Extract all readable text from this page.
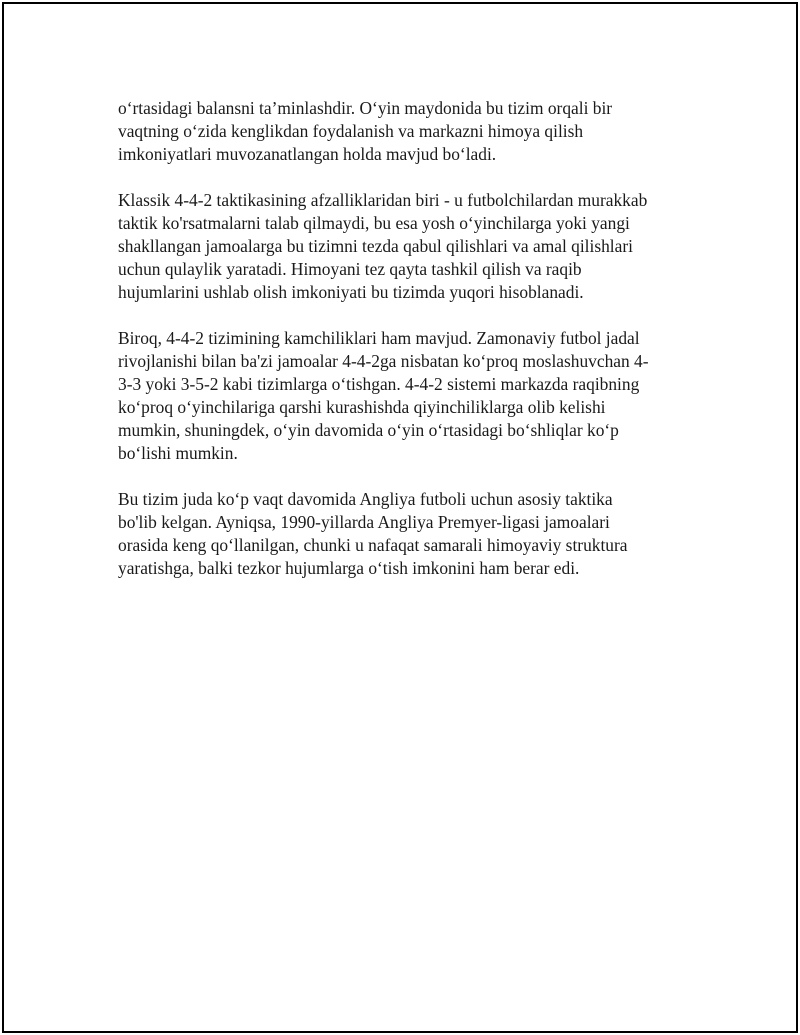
o‘rtasidagi balansni ta’minlashdir. O‘yin maydonida bu tizim orqali bir
vaqtning o‘zida kenglikdan foydalanish va markazni himoya qilish
imkoniyatlari muvozanatlangan holda mavjud bo‘ladi.

Klassik 4-4-2 taktikasining afzalliklaridan biri - u futbolchilardan murakkab
taktik ko'rsatmalarni talab qilmaydi, bu esa yosh o‘yinchilarga yoki yangi
shakllangan jamoalarga bu tizimni tezda qabul qilishlari va amal qilishlari
uchun qulaylik yaratadi. Himoyani tez qayta tashkil qilish va raqib
hujumlarini ushlab olish imkoniyati bu tizimda yuqori hisoblanadi.

Biroq, 4-4-2 tizimining kamchiliklari ham mavjud. Zamonaviy futbol jadal
rivojlanishi bilan ba'zi jamoalar 4-4-2ga nisbatan ko‘proq moslashuvchan 4-
3-3 yoki 3-5-2 kabi tizimlarga o‘tishgan. 4-4-2 sistemi markazda raqibning
ko‘proq o‘yinchilariga qarshi kurashishda qiyinchiliklarga olib kelishi
mumkin, shuningdek, o‘yin davomida o‘yin o‘rtasidagi bo‘shliqlar ko‘p
bo‘lishi mumkin.

Bu tizim juda ko‘p vaqt davomida Angliya futboli uchun asosiy taktika
bo'lib kelgan. Ayniqsa, 1990-yillarda Angliya Premyer-ligasi jamoalari
orasida keng qo‘llanilgan, chunki u nafaqat samarali himoyaviy struktura
yaratishga, balki tezkor hujumlarga o‘tish imkonini ham berar edi.
